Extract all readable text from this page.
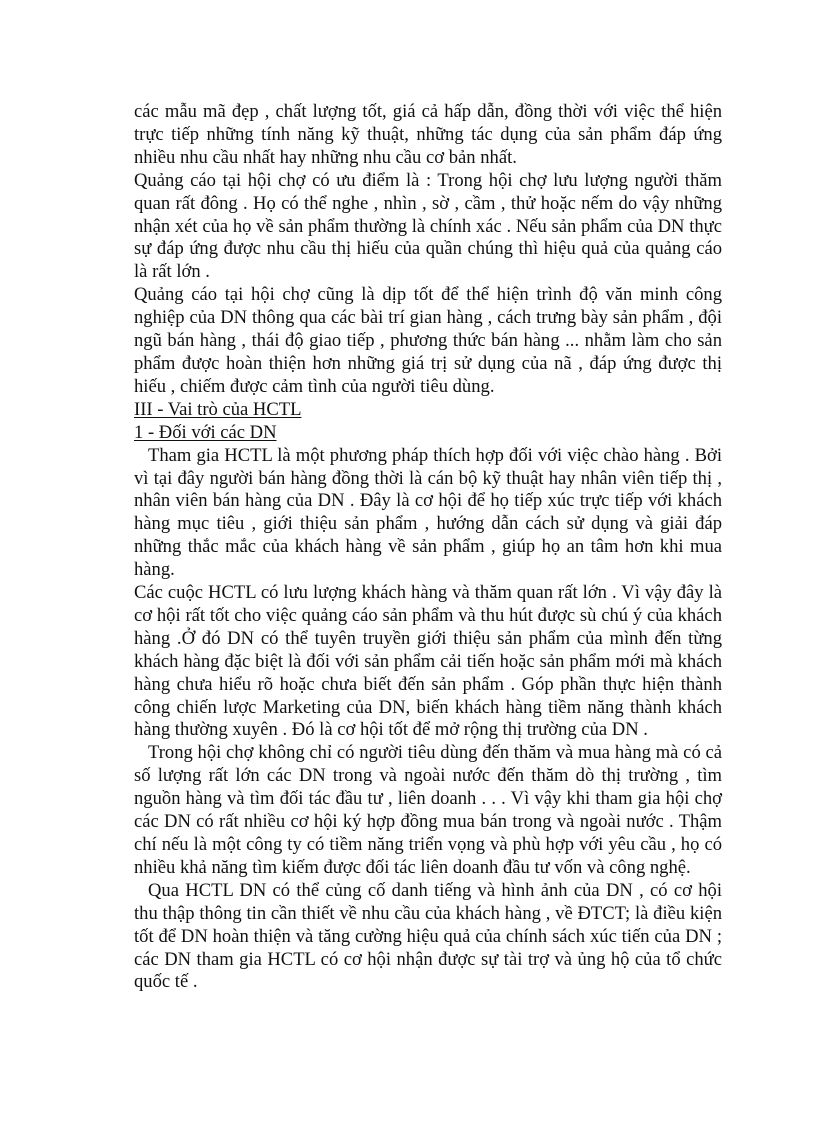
các mẫu mã đẹp , chất lượng tốt, giá cả hấp dẫn, đồng thời với việc thể hiện trực tiếp những tính năng kỹ thuật, những tác dụng của sản phẩm đáp ứng nhiều nhu cầu nhất hay những nhu cầu cơ bản nhất.

Quảng cáo tại hội chợ có ưu điểm là : Trong hội chợ lưu lượng người thăm quan rất đông . Họ có thể nghe , nhìn , sờ , cầm , thử hoặc nếm do vậy những nhận xét của họ về sản phẩm thường là chính xác . Nếu sản phẩm của DN thực sự đáp ứng được nhu cầu thị hiếu của quần chúng thì hiệu quả của quảng cáo là rất lớn .

Quảng cáo tại hội chợ cũng là dịp tốt để thể hiện trình độ văn minh công nghiệp của DN thông qua các bài trí gian hàng , cách trưng bày sản phẩm , đội ngũ bán hàng , thái độ giao tiếp , phương thức bán hàng ... nhằm làm cho sản phẩm được hoàn thiện hơn những giá trị sử dụng của nã , đáp ứng được thị hiếu , chiếm được cảm tình của người tiêu dùng.

III - Vai trò của HCTL

1 - Đối với các DN

Tham gia HCTL là một phương pháp thích hợp đối với việc chào hàng . Bởi vì tại đây người bán hàng đồng thời là cán bộ kỹ thuật hay nhân viên tiếp thị , nhân viên bán hàng của DN . Đây là cơ hội để họ tiếp xúc trực tiếp với khách hàng mục tiêu , giới thiệu sản phẩm , hướng dẫn cách sử dụng và giải đáp những thắc mắc của khách hàng về sản phẩm , giúp họ an tâm hơn khi mua hàng.

Các cuộc HCTL có lưu lượng khách hàng và thăm quan rất lớn . Vì vậy đây là cơ hội rất tốt cho việc quảng cáo sản phẩm và thu hút được sù chú ý của khách hàng .Ở đó DN có thể tuyên truyền giới thiệu sản phẩm của mình đến từng khách hàng đặc biệt là đối với sản phẩm cải tiến hoặc sản phẩm mới mà khách hàng chưa hiểu rõ hoặc chưa biết đến sản phẩm . Góp phần thực hiện thành công chiến lược Marketing của DN, biến khách hàng tiềm năng thành khách hàng thường xuyên . Đó là cơ hội tốt để mở rộng thị trường của DN .

Trong hội chợ không chỉ có người tiêu dùng đến thăm và mua hàng mà có cả số lượng rất lớn các DN trong và ngoài nước đến thăm dò thị trường , tìm nguồn hàng và tìm đối tác đầu tư , liên doanh . . . Vì vậy khi tham gia hội chợ các DN có rất nhiều cơ hội ký hợp đồng mua bán trong và ngoài nước . Thậm chí nếu là một công ty có tiềm năng triển vọng và phù hợp với yêu cầu , họ có nhiều khả năng tìm kiếm được đối tác liên doanh đầu tư vốn và công nghệ.

Qua HCTL DN có thể củng cố danh tiếng và hình ảnh của DN , có cơ hội thu thập thông tin cần thiết về nhu cầu của khách hàng , về ĐTCT; là điều kiện tốt để DN hoàn thiện và tăng cường hiệu quả của chính sách xúc tiến của DN ; các DN tham gia HCTL có cơ hội nhận được sự tài trợ và ủng hộ của tổ chức quốc tế .
